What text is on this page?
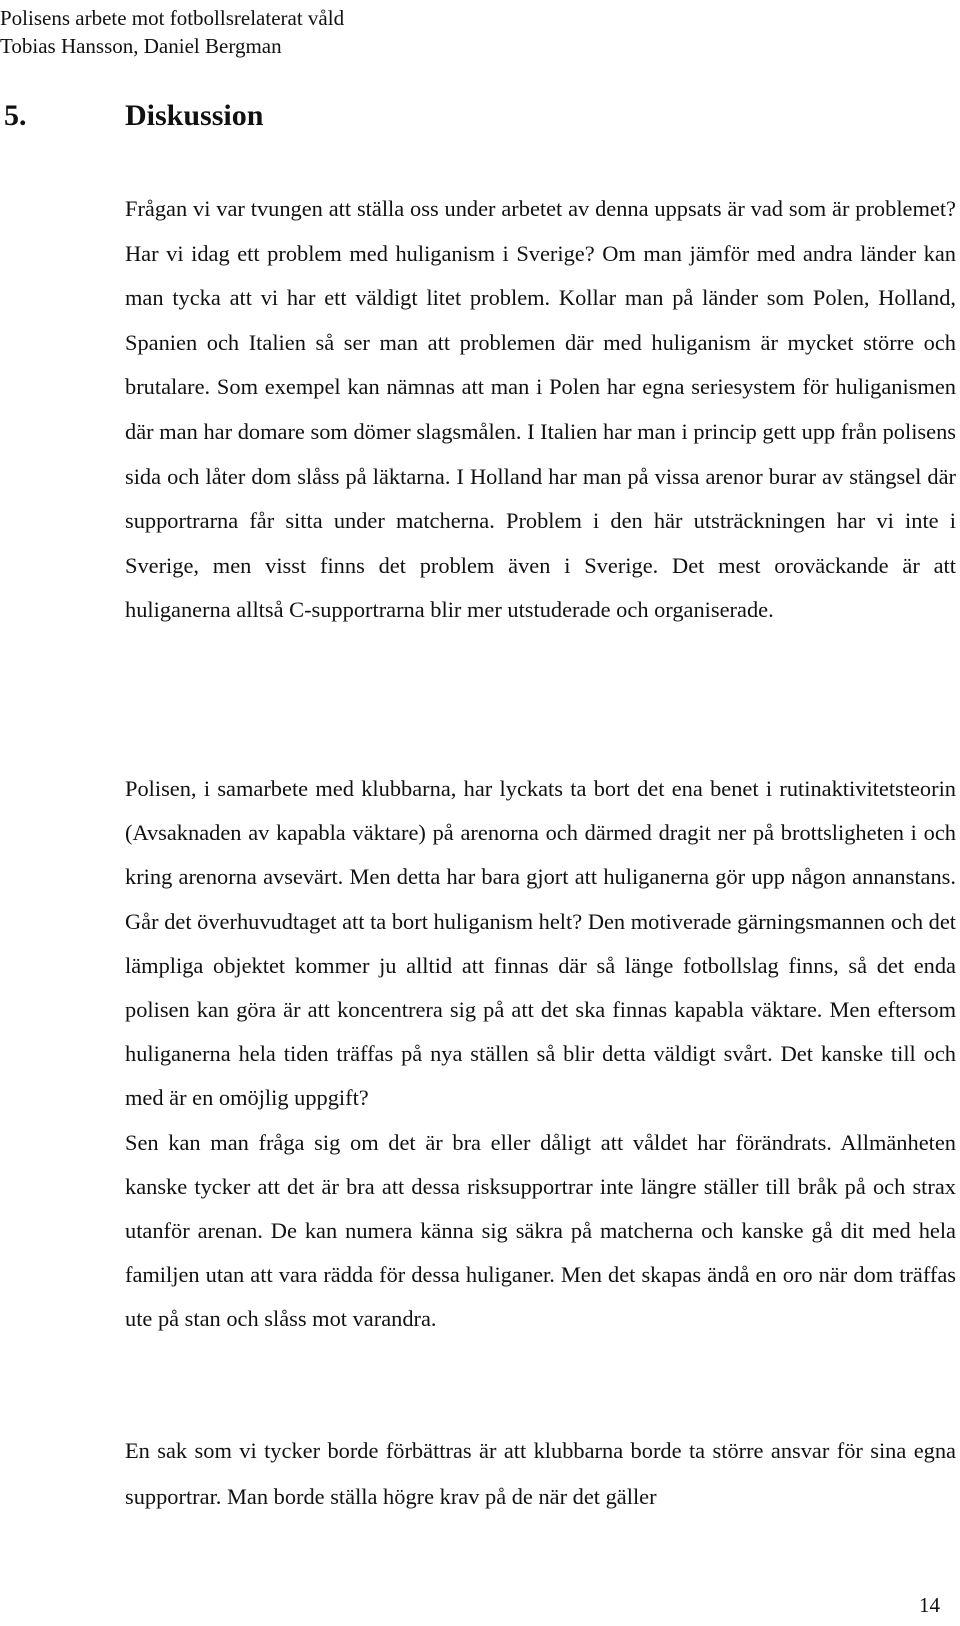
Polisens arbete mot fotbollsrelaterat våld
Tobias Hansson, Daniel Bergman
5.	Diskussion

Frågan vi var tvungen att ställa oss under arbetet av denna uppsats är vad som är problemet? Har vi idag ett problem med huliganism i Sverige? Om man jämför med andra länder kan man tycka att vi har ett väldigt litet problem. Kollar man på länder som Polen, Holland, Spanien och Italien så ser man att problemen där med huliganism är mycket större och brutalare. Som exempel kan nämnas att man i Polen har egna seriesystem för huliganismen där man har domare som dömer slagsmålen. I Italien har man i princip gett upp från polisens sida och låter dom slåss på läktarna. I Holland har man på vissa arenor burar av stängsel där supportrarna får sitta under matcherna. Problem i den här utsträckningen har vi inte i Sverige, men visst finns det problem även i Sverige. Det mest oroväckande är att huliganerna alltså C-supportrarna blir mer utstuderade och organiserade.

Polisen, i samarbete med klubbarna, har lyckats ta bort det ena benet i rutinaktivitetsteorin (Avsaknaden av kapabla väktare) på arenorna och därmed dragit ner på brottsligheten i och kring arenorna avsevärt. Men detta har bara gjort att huliganerna gör upp någon annanstans. Går det överhuvudtaget att ta bort huliganism helt? Den motiverade gärningsmannen och det lämpliga objektet kommer ju alltid att finnas där så länge fotbollslag finns, så det enda polisen kan göra är att koncentrera sig på att det ska finnas kapabla väktare. Men eftersom huliganerna hela tiden träffas på nya ställen så blir detta väldigt svårt. Det kanske till och med är en omöjlig uppgift?

Sen kan man fråga sig om det är bra eller dåligt att våldet har förändrats. Allmänheten kanske tycker att det är bra att dessa risksupportrar inte längre ställer till bråk på och strax utanför arenan. De kan numera känna sig säkra på matcherna och kanske gå dit med hela familjen utan att vara rädda för dessa huliganer. Men det skapas ändå en oro när dom träffas ute på stan och slåss mot varandra.

En sak som vi tycker borde förbättras är att klubbarna borde ta större ansvar för sina egna supportrar. Man borde ställa högre krav på de när det gäller

14
